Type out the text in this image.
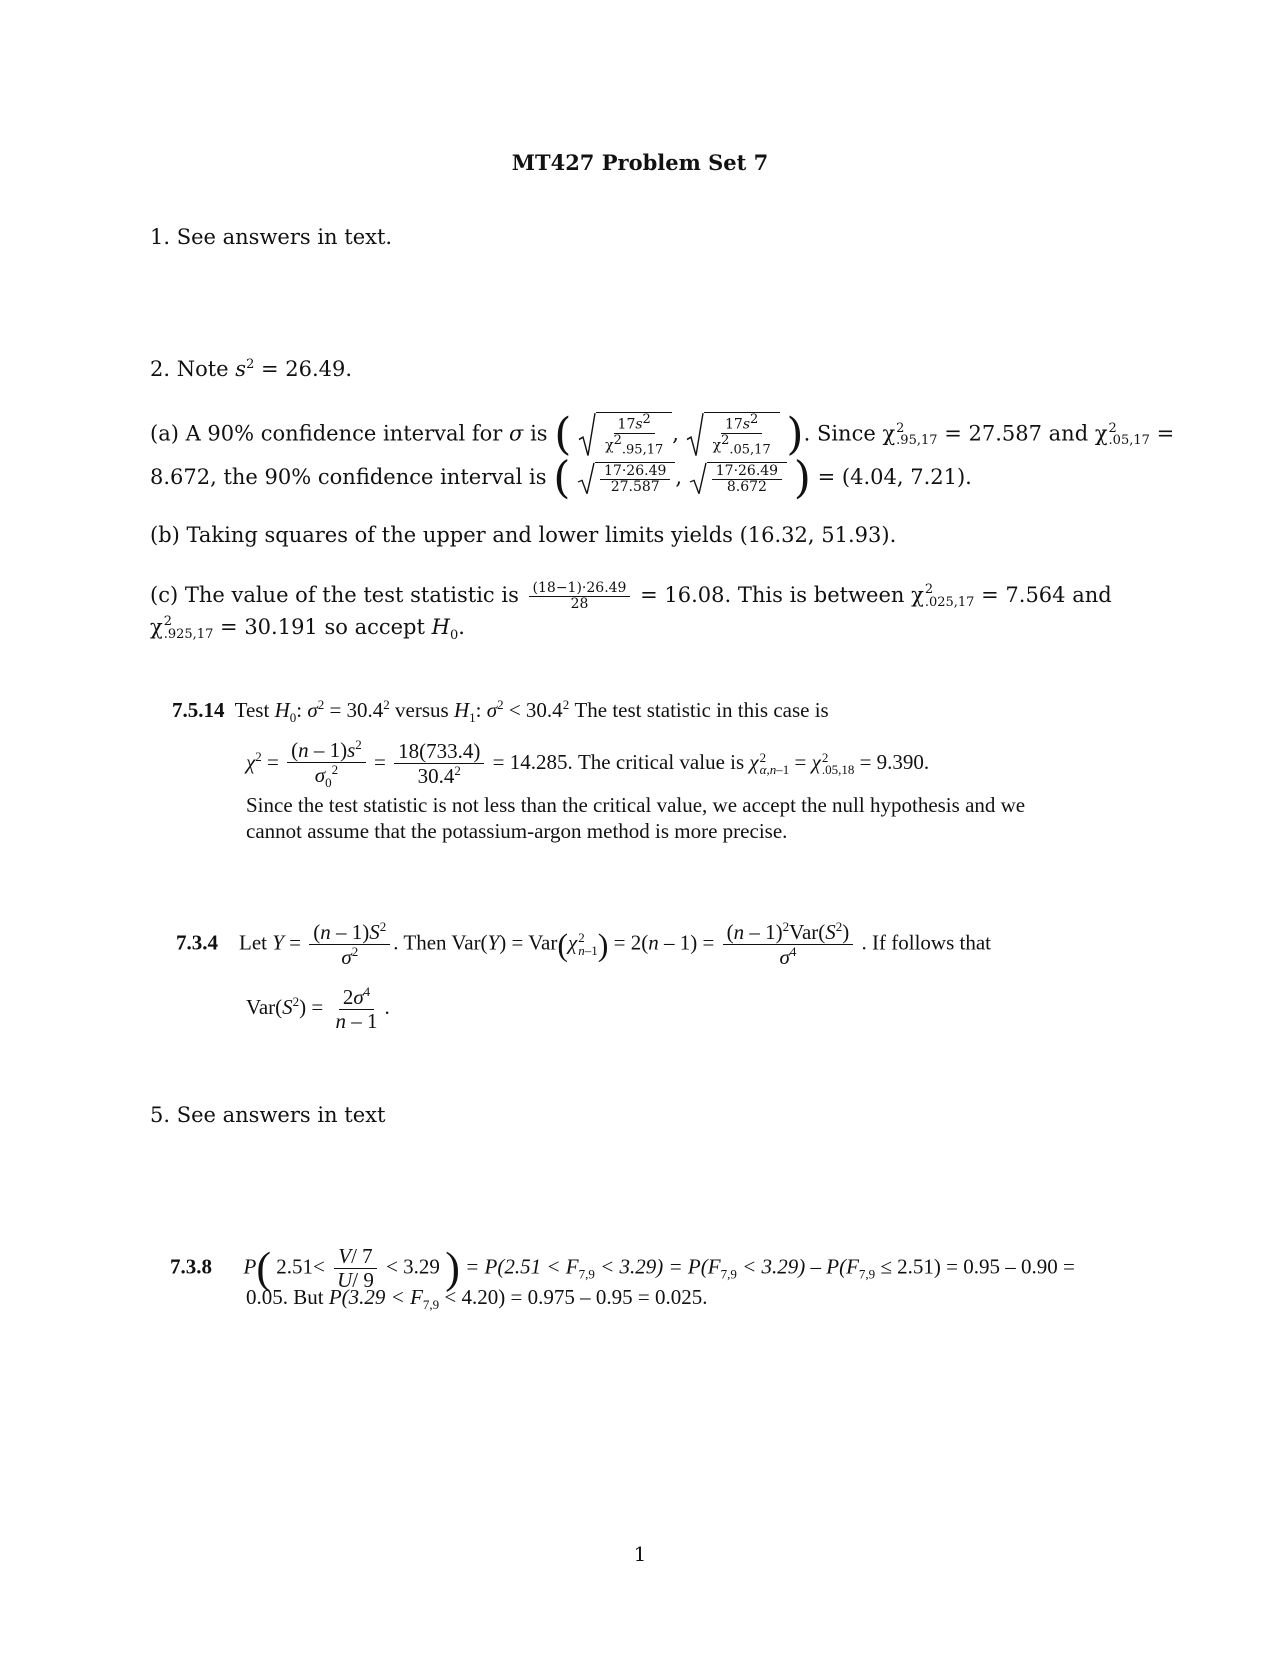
MT427 Problem Set 7
1. See answers in text.
2. Note $s^2 = 26.49$.
(a) A 90% confidence interval for σ is ( $\frac{17s^2}{\chi^2_{.95,17}}$ , $\frac{17s^2}{\chi^2_{.05,17}}$ ). Since χ 2
.95,17 = 27.587 and χ 2
.05,17 =
8.672, the 90% confidence interval is ( $\frac{17\cdot 26.49}{27.587}$ , $\frac{17\cdot 26.49}{8.672}$ ) = (4.04, 7.21).
(b) Taking squares of the upper and lower limits yields (16.32, 51.93).
(c) The value of the test statistic is $\frac{(18-1)\cdot 26.49}{28} = 16.08$. This is between χ 2
.025,17 = 7.564 and
χ 2
.925,17 = 30.191 so accept $H_0$.
7.5.14 Test $H_0$: $\sigma^2 = 30.4^2$ versus $H_1$: $\sigma^2 < 30.4^2$ The test statistic in this case is
$\chi^2 = \frac{(n - 1)s^2}{\sigma_0^2} = \frac{18(733.4)}{30.4^2} = 14.285$. The critical value is χ 2
α,n–1 = χ 2
.05,18 = 9.390.
Since the test statistic is not less than the critical value, we accept the null hypothesis and we
cannot assume that the potassium-argon method is more precise.
7.3.4 Let $Y = \frac{(n - 1)S^2}{\sigma^2}$ . Then Var(Y) = Var(χ 2
n–1 ) = $2(n - 1) = \frac{(n - 1)^2Var(S^2)}{\sigma^4}$ . If follows that
$Var(S^2) = \frac{2\sigma^4}{n - 1}$ .
5. See answers in text
7.3.8 P( $2.51< \frac{V/ 7}{U/ 9} < 3.29$ ) = $P(2.51 < F_{7,9} < 3.29) = P(F_{7,9} < 3.29) - P(F_{7,9} \le 2.51) = 0.95 - 0.90$ =
0.05. But $P(3.29 < F_{7,9} < 4.20) = 0.975 - 0.95 = 0.025$.
1
